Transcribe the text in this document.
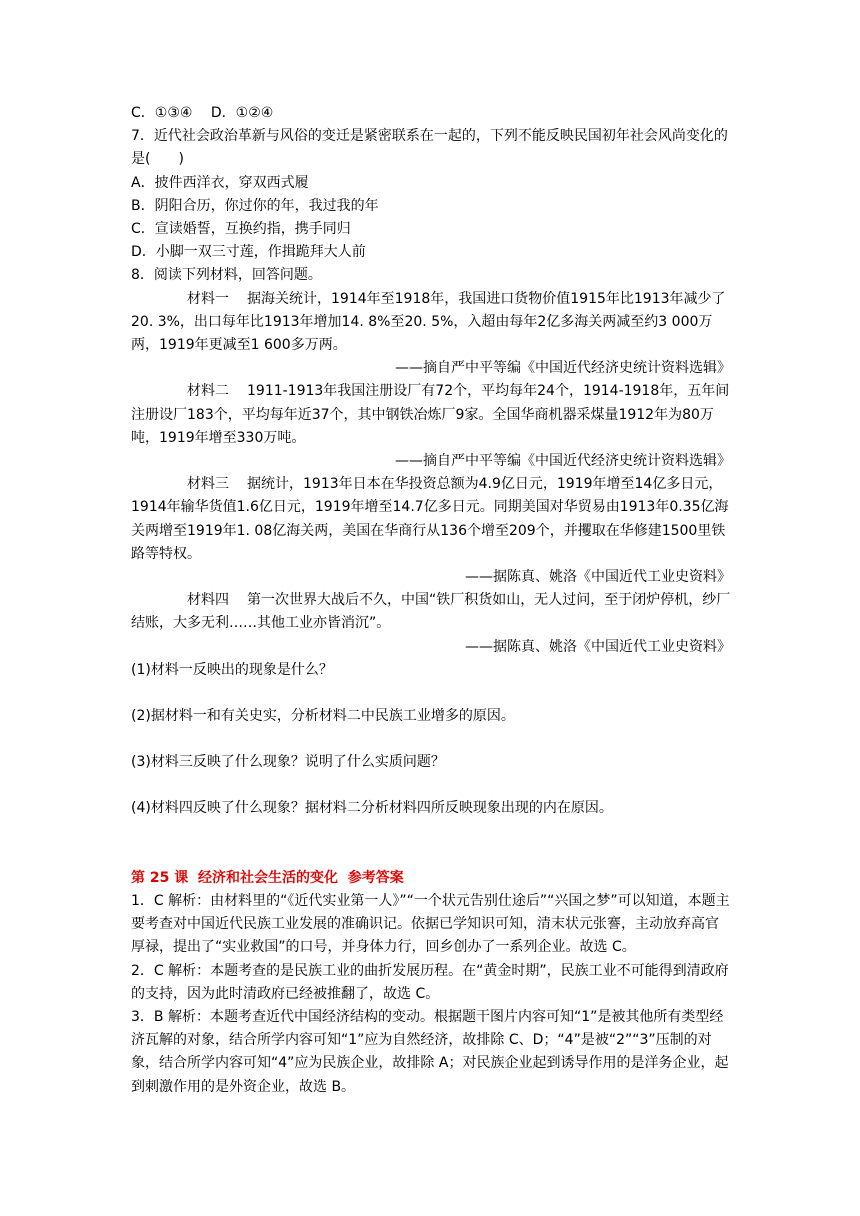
C．①③④　 D．①②④

7．近代社会政治革新与风俗的变迁是紧密联系在一起的，下列不能反映民国初年社会风尚变化的是(　　)

A．披件西洋衣，穿双西式履

B．阴阳合历，你过你的年，我过我的年

C．宣读婚誓，互换约指，携手同归

D．小脚一双三寸莲，作揖跪拜大人前

8．阅读下列材料，回答问题。

材料一 据海关统计，1914年至1918年，我国进口货物价值1915年比1913年减少了20. 3%，出口每年比1913年增加14. 8%至20. 5%，入超由每年2亿多海关两减至约3 000万两，1919年更减至1 600多万两。

——摘自严中平等编《中国近代经济史统计资料选辑》

材料二 1911-1913年我国注册设厂有72个，平均每年24个，1914-1918年，五年间注册设厂183个，平均每年近37个，其中钢铁冶炼厂9家。全国华商机器采煤量1912年为80万吨，1919年增至330万吨。

——摘自严中平等编《中国近代经济史统计资料选辑》

材料三 据统计，1913年日本在华投资总额为4.9亿日元，1919年增至14亿多日元，1914年输华货值1.6亿日元，1919年增至14.7亿多日元。同期美国对华贸易由1913年0.35亿海关两增至1919年1. 08亿海关两，美国在华商行从136个增至209个，并攫取在华修建1500里铁路等特权。

——据陈真、姚洛《中国近代工业史资料》

材料四 第一次世界大战后不久，中国“铁厂积货如山，无人过问，至于闭炉停机，纱厂结账，大多无利……其他工业亦皆消沉”。

——据陈真、姚洛《中国近代工业史资料》

(1)材料一反映出的现象是什么？

(2)据材料一和有关史实，分析材料二中民族工业增多的原因。

(3)材料三反映了什么现象？说明了什么实质问题？

(4)材料四反映了什么现象？据材料二分析材料四所反映现象出现的内在原因。

第 25 课  经济和社会生活的变化  参考答案

1．C 解析：由材料里的“《近代实业第一人》”“一个状元告别仕途后”“兴国之梦”可以知道，本题主要考查对中国近代民族工业发展的准确识记。依据已学知识可知，清末状元张謇，主动放弃高官厚禄，提出了“实业救国”的口号，并身体力行，回乡创办了一系列企业。故选 C。

2．C 解析：本题考查的是民族工业的曲折发展历程。在“黄金时期”，民族工业不可能得到清政府的支持，因为此时清政府已经被推翻了，故选 C。

3．B 解析：本题考查近代中国经济结构的变动。根据题干图片内容可知“1”是被其他所有类型经济瓦解的对象，结合所学内容可知“1”应为自然经济，故排除 C、D；“4”是被“2”“3”压制的对象，结合所学内容可知“4”应为民族企业，故排除 A；对民族企业起到诱导作用的是洋务企业，起到刺激作用的是外资企业，故选 B。
